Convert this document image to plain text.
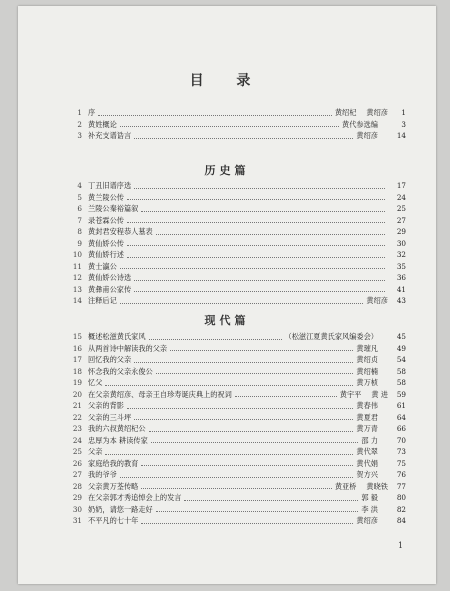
目 录
1 序	黄绍杞 黄绍彦	1
2 黄姓概论	黄代参选编	3
3 补充支谱诰言	黄绍彦	14
历史篇
4 丁丑旧谱序选	17
5 黄兰陵公传	24
6 兰陵公秦裕篇叙	25
7 录苍霖公传	27
8 黄封君安程恭人墓表	29
9 黄仙娇公传	30
10 黄仙娇行述	32
11 黄士瀛公	35
12 黄仙娇公诗选	36
13 黄彝甫公家传	41
14 注释后记	黄绍彦	43
现代篇
15 概述松滋黄氏家风	（松滋江夏黄氏家风编委会）	45
16 从两首诗中解读我的父亲	黄璀凡	49
17 回忆我的父亲	黄绍贞	54
18 怀念我的父亲永俊公	黄绍楠	58
19 忆父	黄万桢	58
20 在父亲黄绍彦、母亲王自珍寿诞庆典上的祝词	黄宇平 黄 进	59
21 父亲的背影	黄春伟	61
22 父亲的三斗坪	黄夏君	64
23 我的六叔黄绍杞公	黄万青	66
24 忠厚为本 耕读传家	邵 力	70
25 父亲	黄代翠	73
26 家庭给我的教育	黄代娟	75
27 我的爷爷	贺方兴	76
28 父亲黄万荃传略	黄亚桥 黄晓铁	77
29 在父亲郭才秀追悼会上的发言	郭 毅	80
30 奶奶，请您一路走好	李 洪	82
31 不平凡的七十年	黄绍彦	84
1
